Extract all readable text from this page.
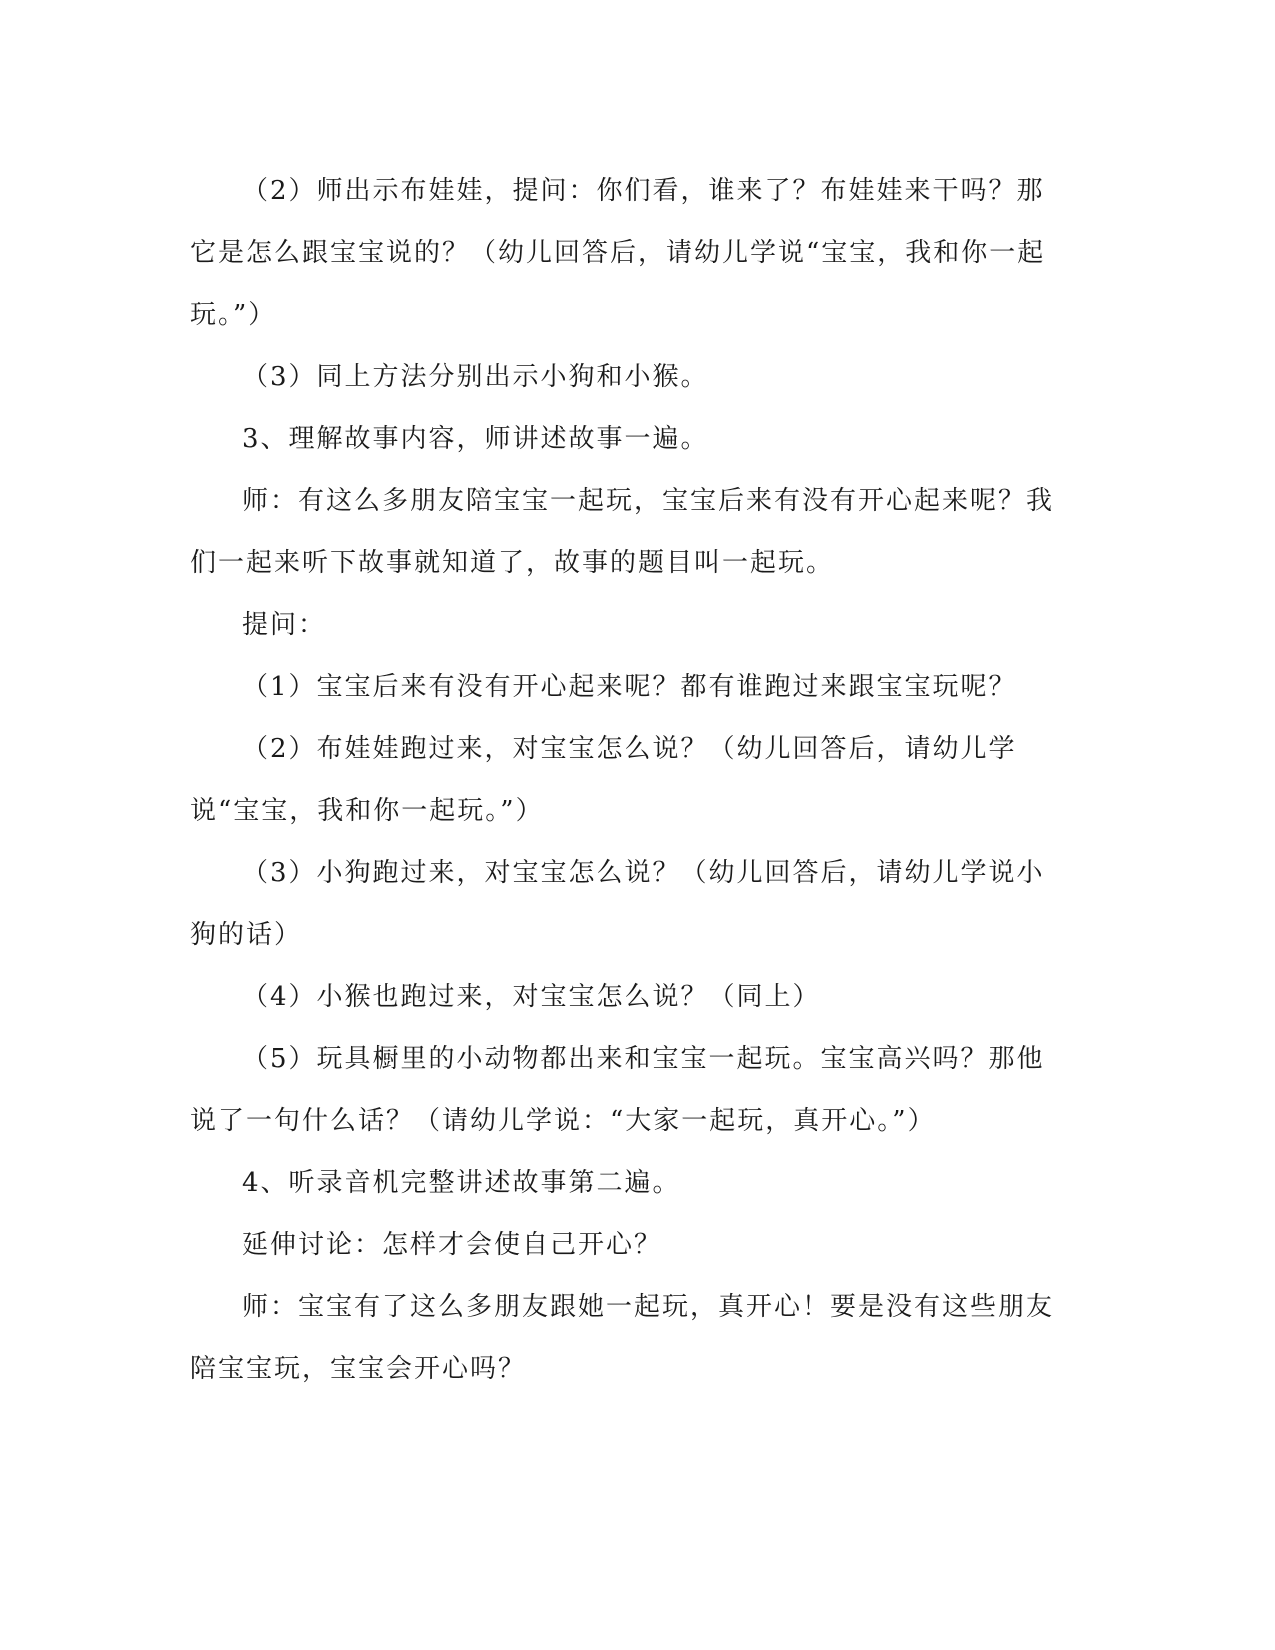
（2）师出示布娃娃，提问：你们看，谁来了？布娃娃来干吗？那它是怎么跟宝宝说的？（幼儿回答后，请幼儿学说“宝宝，我和你一起玩。”）

（3）同上方法分别出示小狗和小猴。

3、理解故事内容，师讲述故事一遍。

师：有这么多朋友陪宝宝一起玩，宝宝后来有没有开心起来呢？我们一起来听下故事就知道了，故事的题目叫一起玩。

提问：

（1）宝宝后来有没有开心起来呢？都有谁跑过来跟宝宝玩呢？

（2）布娃娃跑过来，对宝宝怎么说？（幼儿回答后，请幼儿学说“宝宝，我和你一起玩。”）

（3）小狗跑过来，对宝宝怎么说？（幼儿回答后，请幼儿学说小狗的话）

（4）小猴也跑过来，对宝宝怎么说？（同上）

（5）玩具橱里的小动物都出来和宝宝一起玩。宝宝高兴吗？那他说了一句什么话？（请幼儿学说：“大家一起玩，真开心。”）

4、听录音机完整讲述故事第二遍。

延伸讨论：怎样才会使自己开心？

师：宝宝有了这么多朋友跟她一起玩，真开心！要是没有这些朋友陪宝宝玩，宝宝会开心吗？
